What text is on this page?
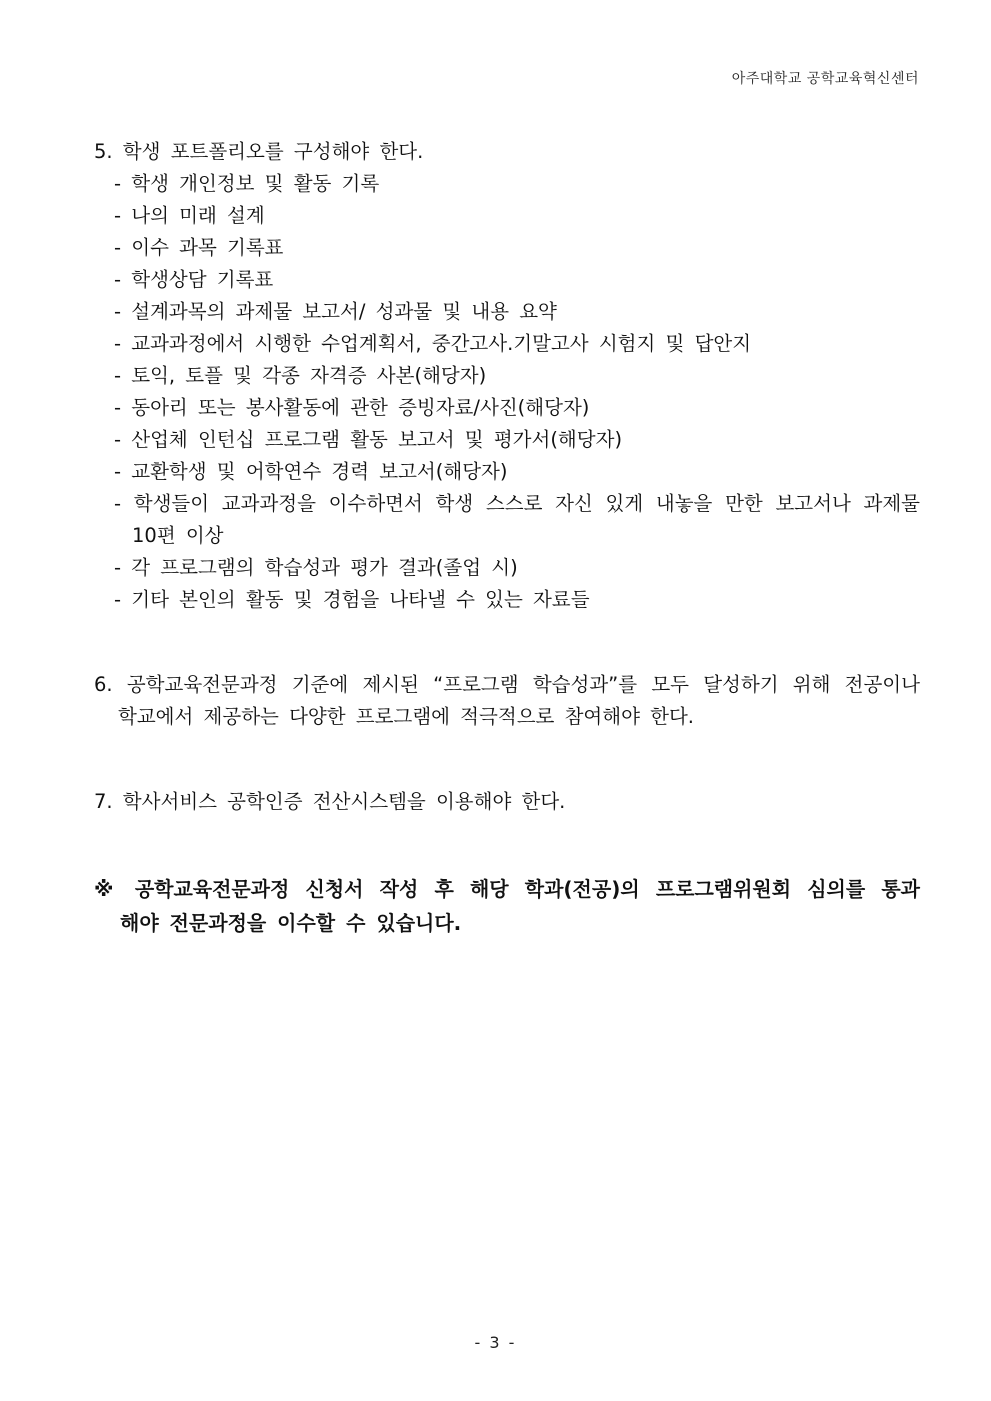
아주대학교 공학교육혁신센터
5. 학생 포트폴리오를 구성해야 한다.
- 학생 개인정보 및 활동 기록
- 나의 미래 설계
- 이수 과목 기록표
- 학생상담 기록표
- 설계과목의 과제물 보고서/ 성과물 및 내용 요약
- 교과과정에서 시행한 수업계획서, 중간고사.기말고사 시험지 및 답안지
- 토익, 토플 및 각종 자격증 사본(해당자)
- 동아리 또는 봉사활동에 관한 증빙자료/사진(해당자)
- 산업체 인턴십 프로그램 활동 보고서 및 평가서(해당자)
- 교환학생 및 어학연수 경력 보고서(해당자)
- 학생들이 교과과정을 이수하면서 학생 스스로 자신 있게 내놓을 만한 보고서나 과제물
10편 이상
- 각 프로그램의 학습성과 평가 결과(졸업 시)
- 기타 본인의 활동 및 경험을 나타낼 수 있는 자료들
6. 공학교육전문과정 기준에 제시된 “프로그램 학습성과”를 모두 달성하기 위해 전공이나
학교에서 제공하는 다양한 프로그램에 적극적으로 참여해야 한다.
7. 학사서비스 공학인증 전산시스템을 이용해야 한다.
※ 공학교육전문과정 신청서 작성 후 해당 학과(전공)의 프로그램위원회 심의를 통과
해야 전문과정을 이수할 수 있습니다.
- 3 -
